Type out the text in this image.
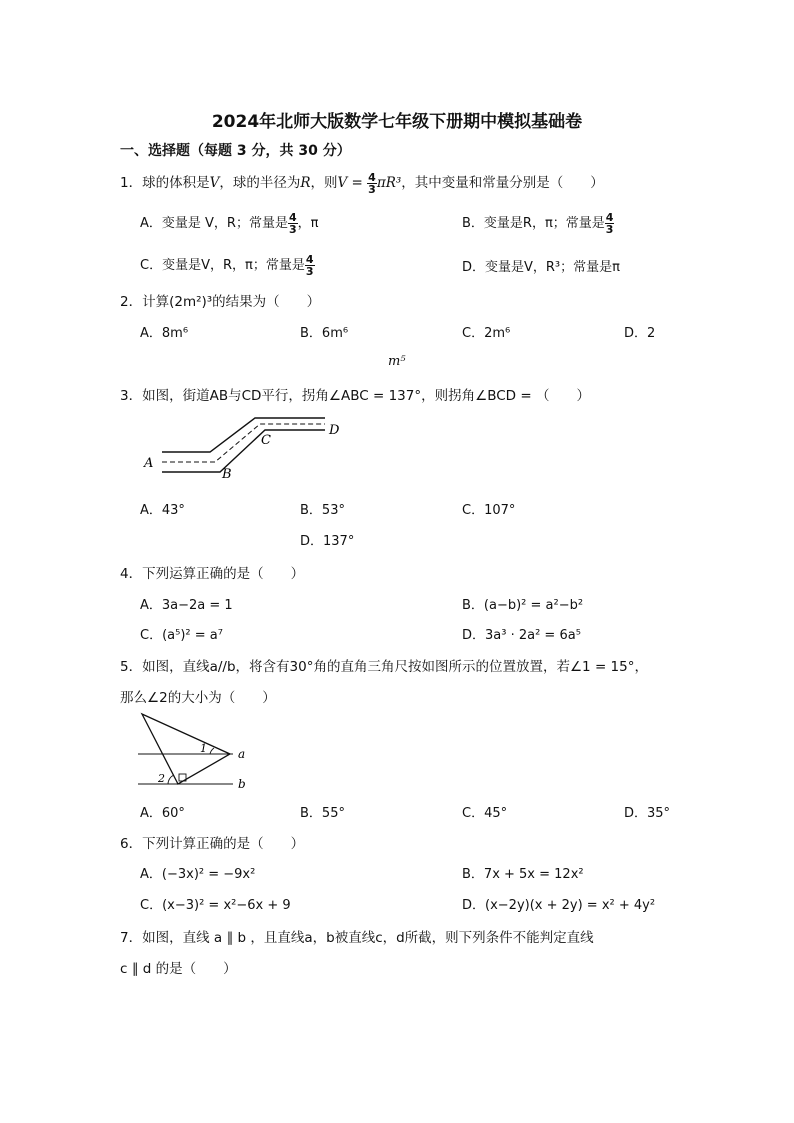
2024年北师大版数学七年级下册期中模拟基础卷
一、选择题（每题 3 分，共 30 分）
1．球的体积是V，球的半径为R，则$V = \frac{4}{3} \pi R^3$，其中变量和常量分别是（　　）
A．变量是 V，R；常量是 $\frac{4}{3}$ ，π	B．变量是R，π；常量是 $\frac{4}{3}$
C．变量是V，R，π；常量是 $\frac{4}{3}$	D．变量是V，R³；常量是π
2．计算(2m²)³的结果为（　　）
A．8m⁶	B．6m⁶	C．2m⁶	D．2
m⁵
3．如图，街道AB与CD平行，拐角∠ABC = 137°，则拐角∠BCD = （　　）
A
B
C
D
A．43°	B．53°	C．107°
D．137°
4．下列运算正确的是（　　）
A．3a−2a = 1	B．(a−b)² = a²−b²
C．(a⁵)² = a⁷	D．3a³ · 2a² = 6a⁵
5．如图，直线a//b，将含有30°角的直角三角尺按如图所示的位置放置，若∠1 = 15°，
那么∠2的大小为（　　）
1
2
a
b
A．60°	B．55°	C．45°	D．35°
6．下列计算正确的是（　　）
A．(−3x)² = −9x²	B．7x + 5x = 12x²
C．(x−3)² = x²−6x + 9	D．(x−2y)(x + 2y) = x² + 4y²
7．如图，直线 a ∥ b ，且直线a，b被直线c，d所截，则下列条件不能判定直线
c ∥ d 的是（　　）
